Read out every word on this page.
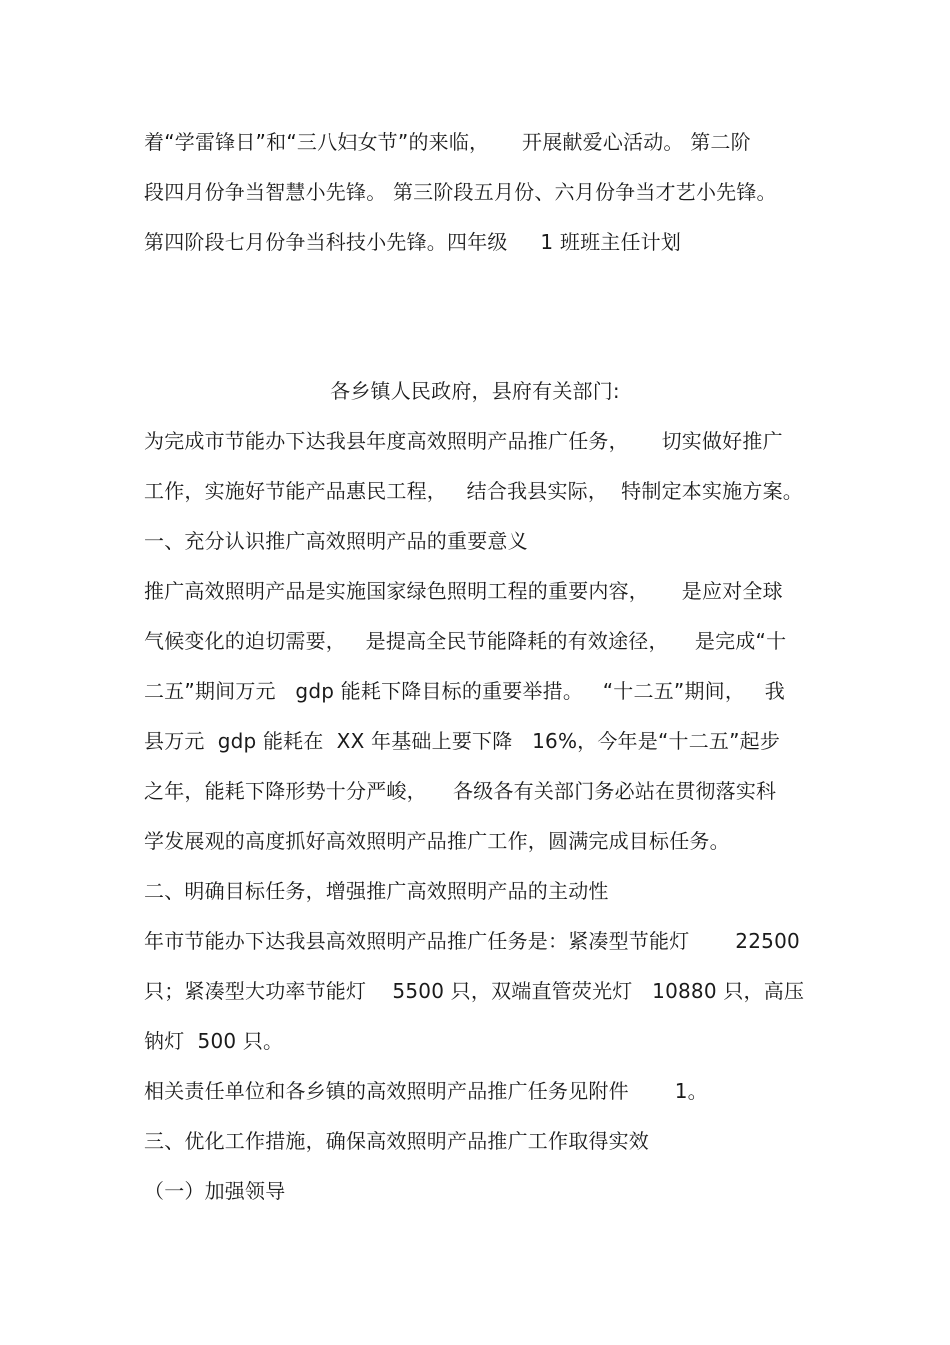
着“学雷锋日”和“三八妇女节”的来临，     开展献爱心活动。 第二阶
段四月份争当智慧小先锋。 第三阶段五月份、六月份争当才艺小先锋。
第四阶段七月份争当科技小先锋。四年级     1 班班主任计划
各乡镇人民政府，县府有关部门:
为完成市节能办下达我县年度高效照明产品推广任务，     切实做好推广
工作，实施好节能产品惠民工程，   结合我县实际，  特制定本实施方案。
一、充分认识推广高效照明产品的重要意义
推广高效照明产品是实施国家绿色照明工程的重要内容，     是应对全球
气候变化的迫切需要，   是提高全民节能降耗的有效途径，    是完成“十
二五”期间万元   gdp 能耗下降目标的重要举措。   “十二五”期间，   我
县万元  gdp 能耗在  XX 年基础上要下降   16%，今年是“十二五”起步
之年，能耗下降形势十分严峻，    各级各有关部门务必站在贯彻落实科
学发展观的高度抓好高效照明产品推广工作，圆满完成目标任务。
二、明确目标任务，增强推广高效照明产品的主动性
年市节能办下达我县高效照明产品推广任务是：紧凑型节能灯       22500
只；紧凑型大功率节能灯    5500 只，双端直管荧光灯   10880 只，高压
钠灯  500 只。
相关责任单位和各乡镇的高效照明产品推广任务见附件       1。
三、优化工作措施，确保高效照明产品推广工作取得实效
（一）加强领导
